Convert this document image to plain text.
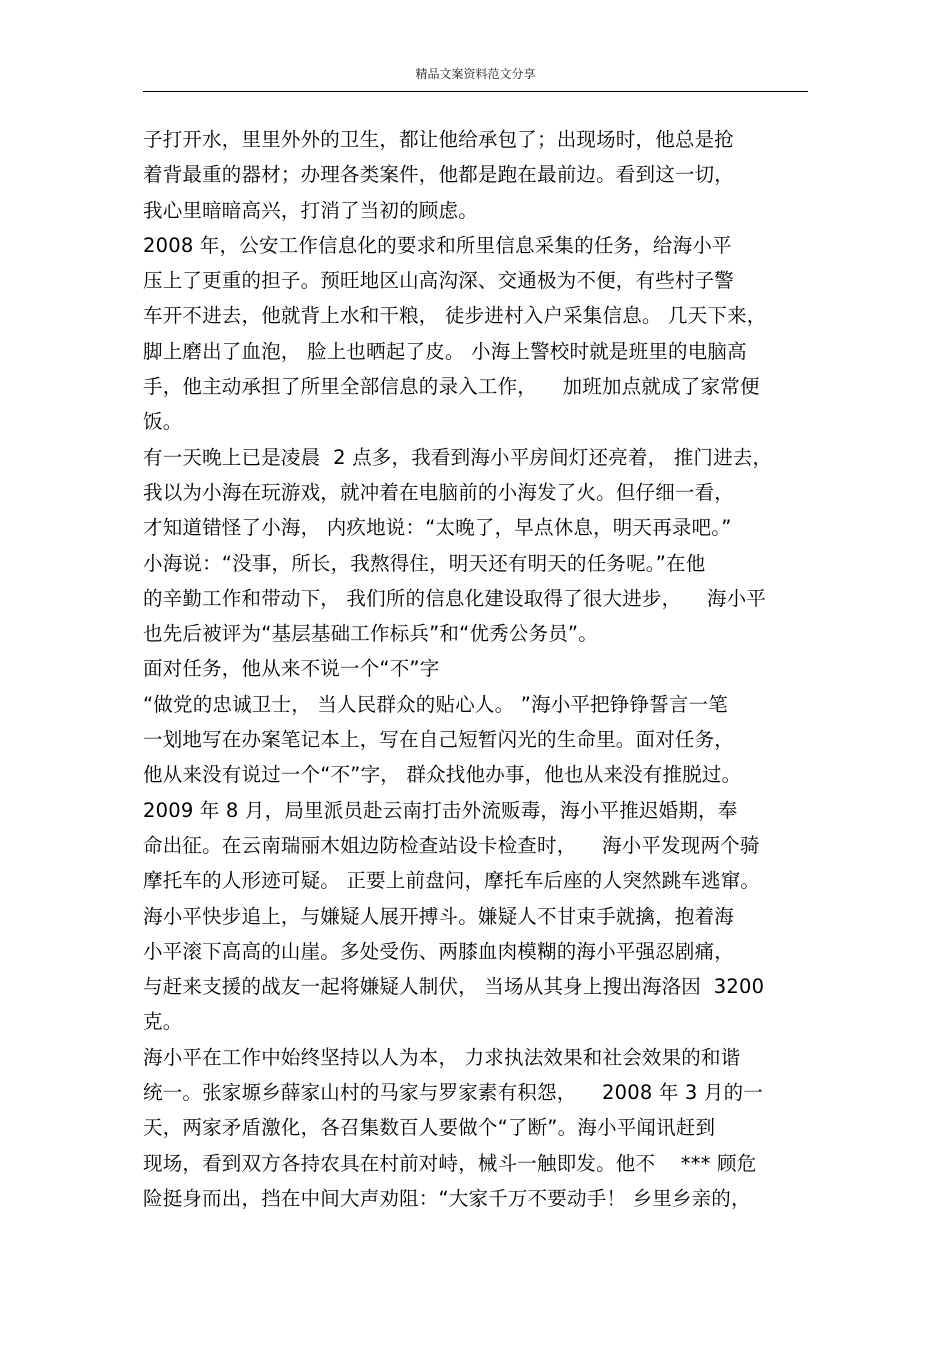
精品文案资料范文分享
子打开水，里里外外的卫生，都让他给承包了；出现场时，他总是抢
着背最重的器材；办理各类案件，他都是跑在最前边。看到这一切，
我心里暗暗高兴，打消了当初的顾虑。
2008 年，公安工作信息化的要求和所里信息采集的任务，给海小平
压上了更重的担子。预旺地区山高沟深、交通极为不便，有些村子警
车开不进去，他就背上水和干粮， 徒步进村入户采集信息。 几天下来，
脚上磨出了血泡， 脸上也晒起了皮。 小海上警校时就是班里的电脑高
手，他主动承担了所里全部信息的录入工作，    加班加点就成了家常便
饭。
有一天晚上已是凌晨  2 点多，我看到海小平房间灯还亮着， 推门进去，
我以为小海在玩游戏，就冲着在电脑前的小海发了火。但仔细一看，
才知道错怪了小海， 内疚地说：“太晚了，早点休息，明天再录吧。”
小海说：“没事，所长，我熬得住，明天还有明天的任务呢。”在他
的辛勤工作和带动下， 我们所的信息化建设取得了很大进步，    海小平
也先后被评为“基层基础工作标兵”和“优秀公务员”。
面对任务，他从来不说一个“不”字
“做党的忠诚卫士， 当人民群众的贴心人。 ”海小平把铮铮誓言一笔
一划地写在办案笔记本上，写在自己短暂闪光的生命里。面对任务，
他从来没有说过一个“不”字， 群众找他办事，他也从来没有推脱过。
2009 年 8 月，局里派员赴云南打击外流贩毒，海小平推迟婚期，奉
命出征。在云南瑞丽木姐边防检查站设卡检查时，    海小平发现两个骑
摩托车的人形迹可疑。 正要上前盘问，摩托车后座的人突然跳车逃窜。
海小平快步追上，与嫌疑人展开搏斗。嫌疑人不甘束手就擒，抱着海
小平滚下高高的山崖。多处受伤、两膝血肉模糊的海小平强忍剧痛，
与赶来支援的战友一起将嫌疑人制伏， 当场从其身上搜出海洛因  3200
克。
海小平在工作中始终坚持以人为本， 力求执法效果和社会效果的和谐
统一。张家塬乡薛家山村的马家与罗家素有积怨，    2008 年 3 月的一
天，两家矛盾激化，各召集数百人要做个“了断”。海小平闻讯赶到
现场，看到双方各持农具在村前对峙，械斗一触即发。他不    *** 顾危
险挺身而出，挡在中间大声劝阻：“大家千万不要动手！ 乡里乡亲的，
